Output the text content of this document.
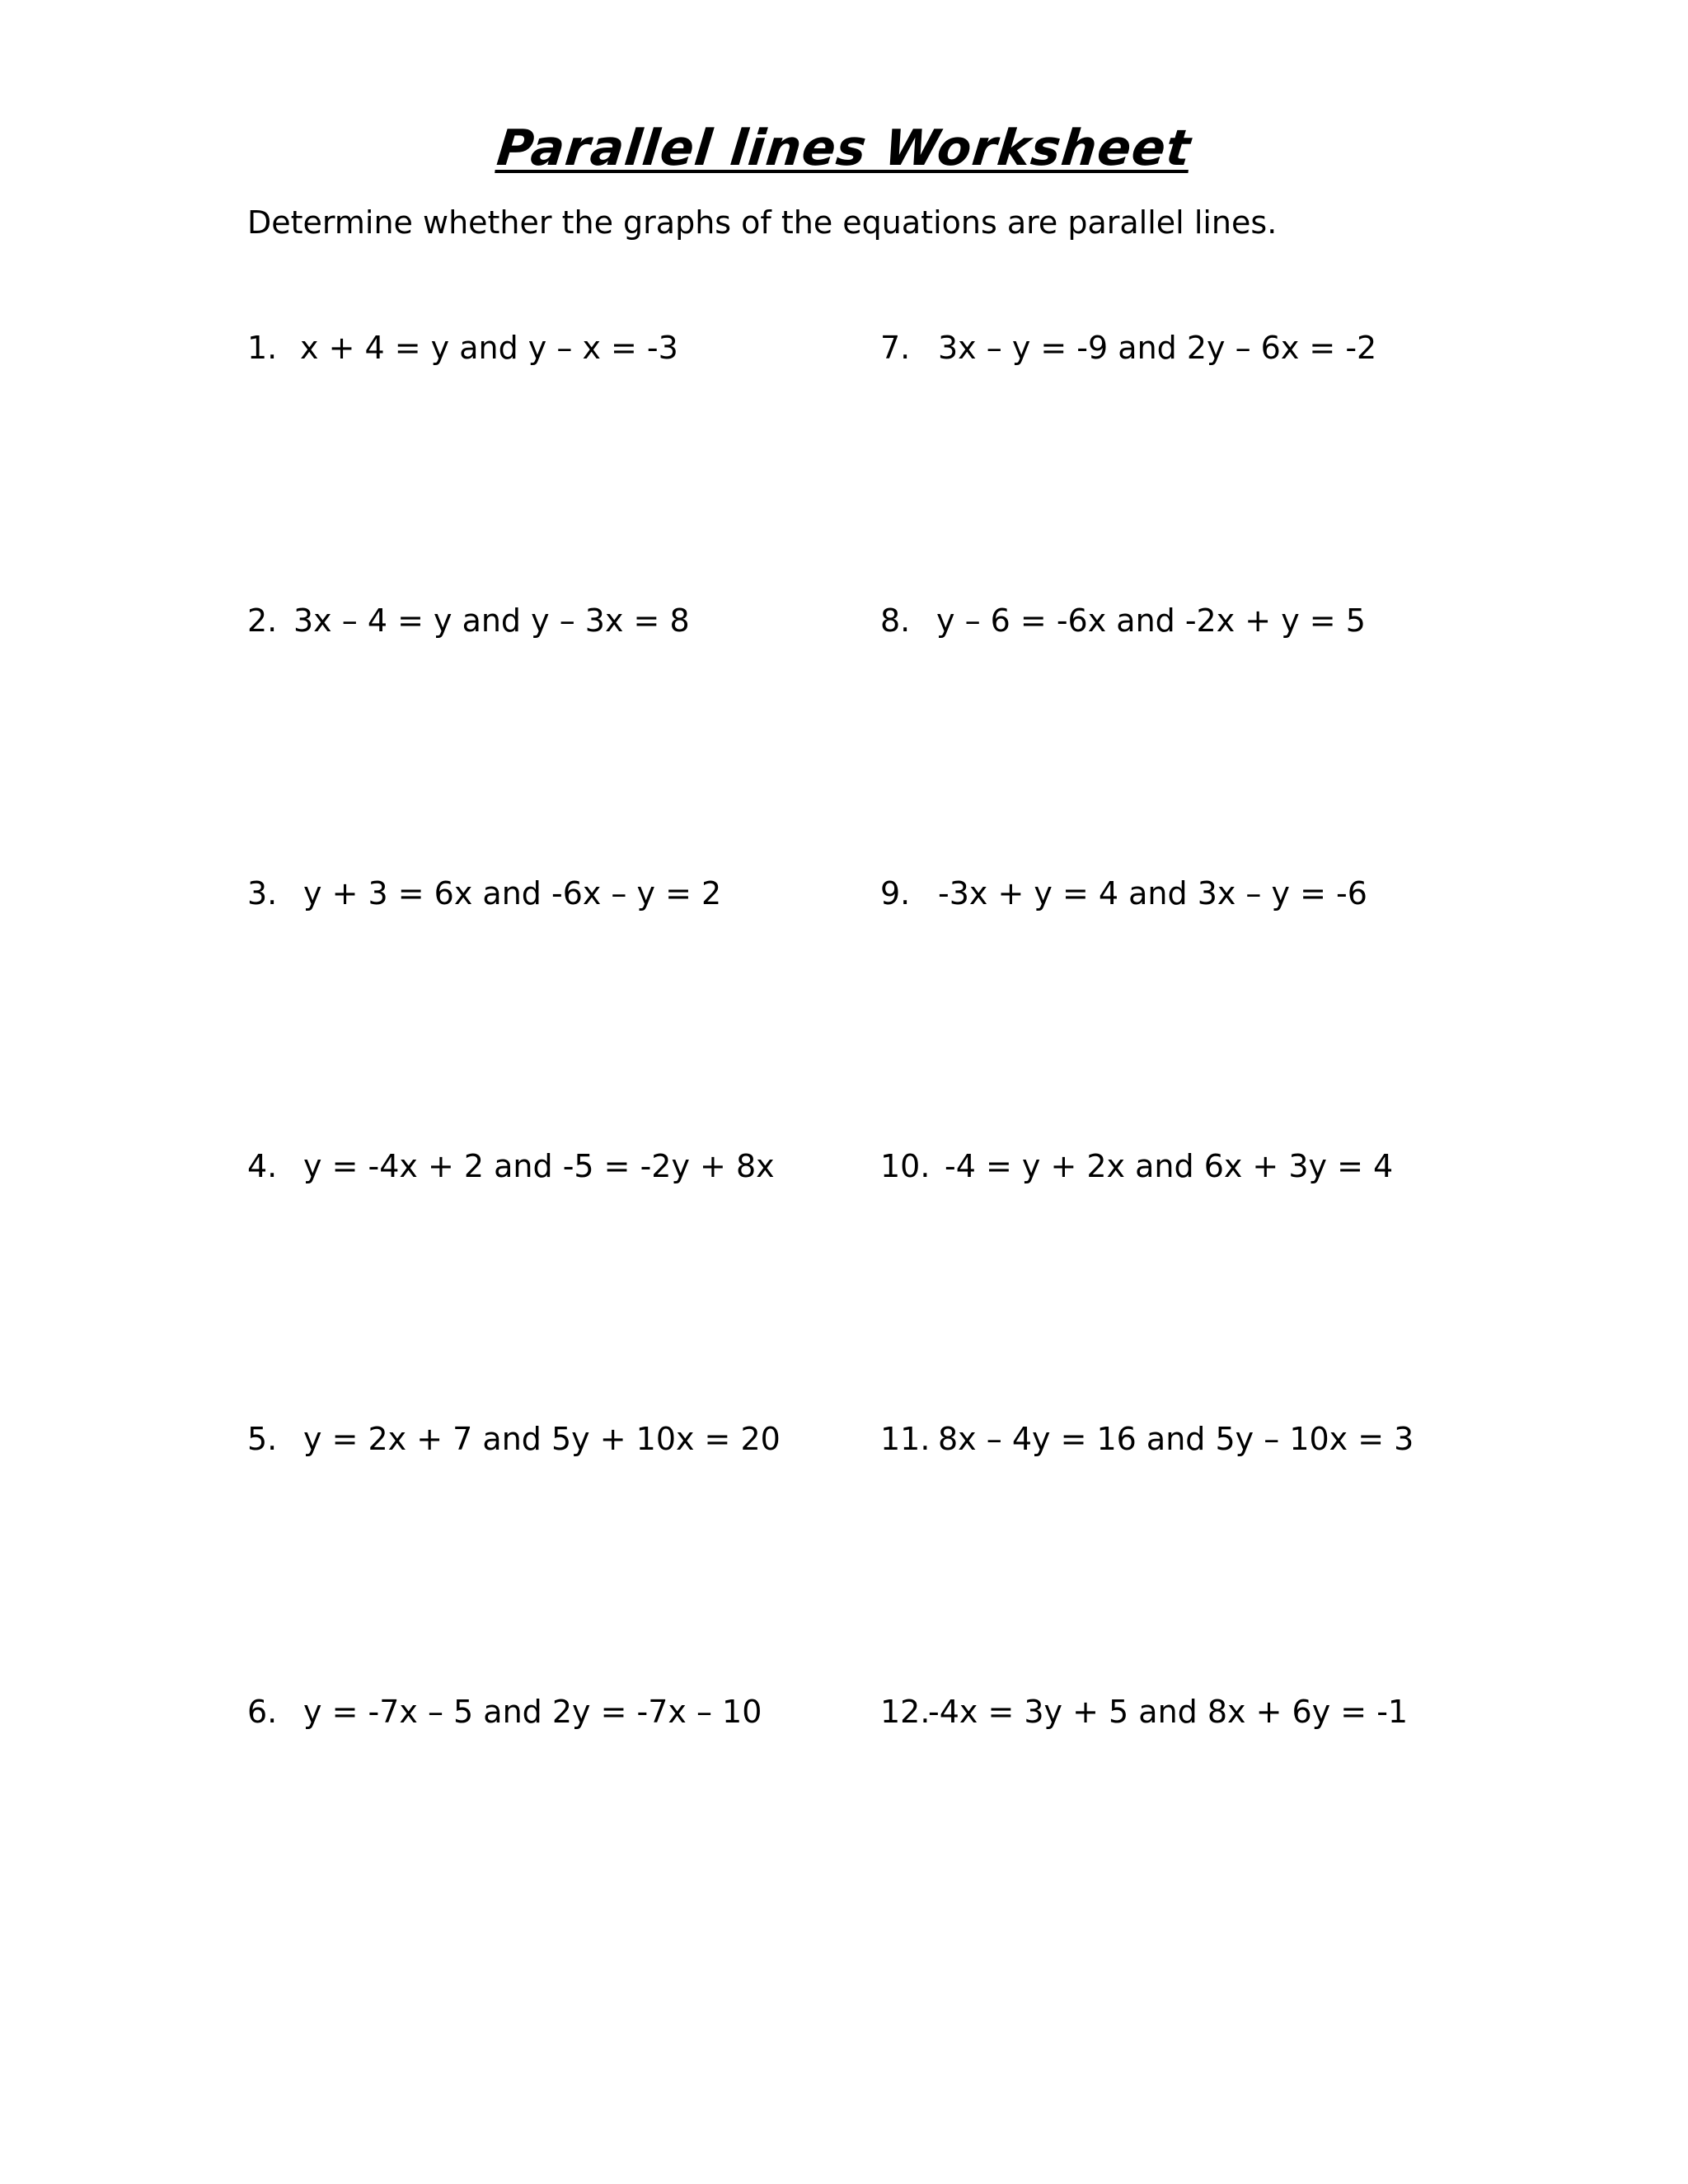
Parallel lines Worksheet
Determine whether the graphs of the equations are parallel lines.
1. x + 4 = y and y – x = -3
2. 3x – 4 = y and y – 3x = 8
3. y + 3 = 6x and -6x – y = 2
4. y = -4x + 2 and -5 = -2y + 8x
5. y = 2x + 7 and 5y + 10x = 20
6. y = -7x – 5 and 2y = -7x – 10
7. 3x – y = -9 and 2y – 6x = -2
8. y – 6 = -6x and -2x + y = 5
9. -3x + y = 4 and 3x – y = -6
10. -4 = y + 2x and 6x + 3y = 4
11. 8x – 4y = 16 and 5y – 10x = 3
12.
-4x = 3y + 5 and 8x + 6y = -1
